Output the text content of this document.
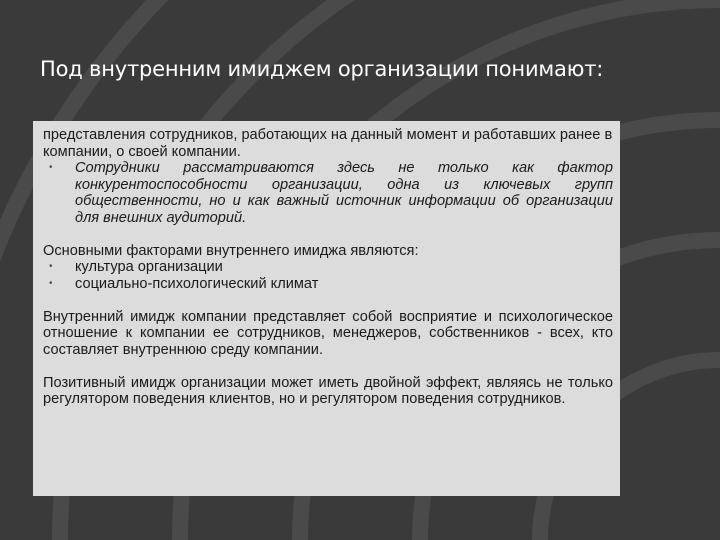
Под внутренним имиджем организации понимают:

представления сотрудников, работающих на данный момент и работавших ранее в компании, о своей компании.

• Сотрудники рассматриваются здесь не только как фактор конкурентоспособности организации, одна из ключевых групп общественности, но и как важный источник информации об организации для внешних аудиторий.

Основными факторами внутреннего имиджа являются:

• культура организации
• социально-психологический климат

Внутренний имидж компании представляет собой восприятие и психологическое отношение к компании ее сотрудников, менеджеров, собственников - всех, кто составляет внутреннюю среду компании.

Позитивный имидж организации может иметь двойной эффект, являясь не только регулятором поведения клиентов, но и регулятором поведения сотрудников.
